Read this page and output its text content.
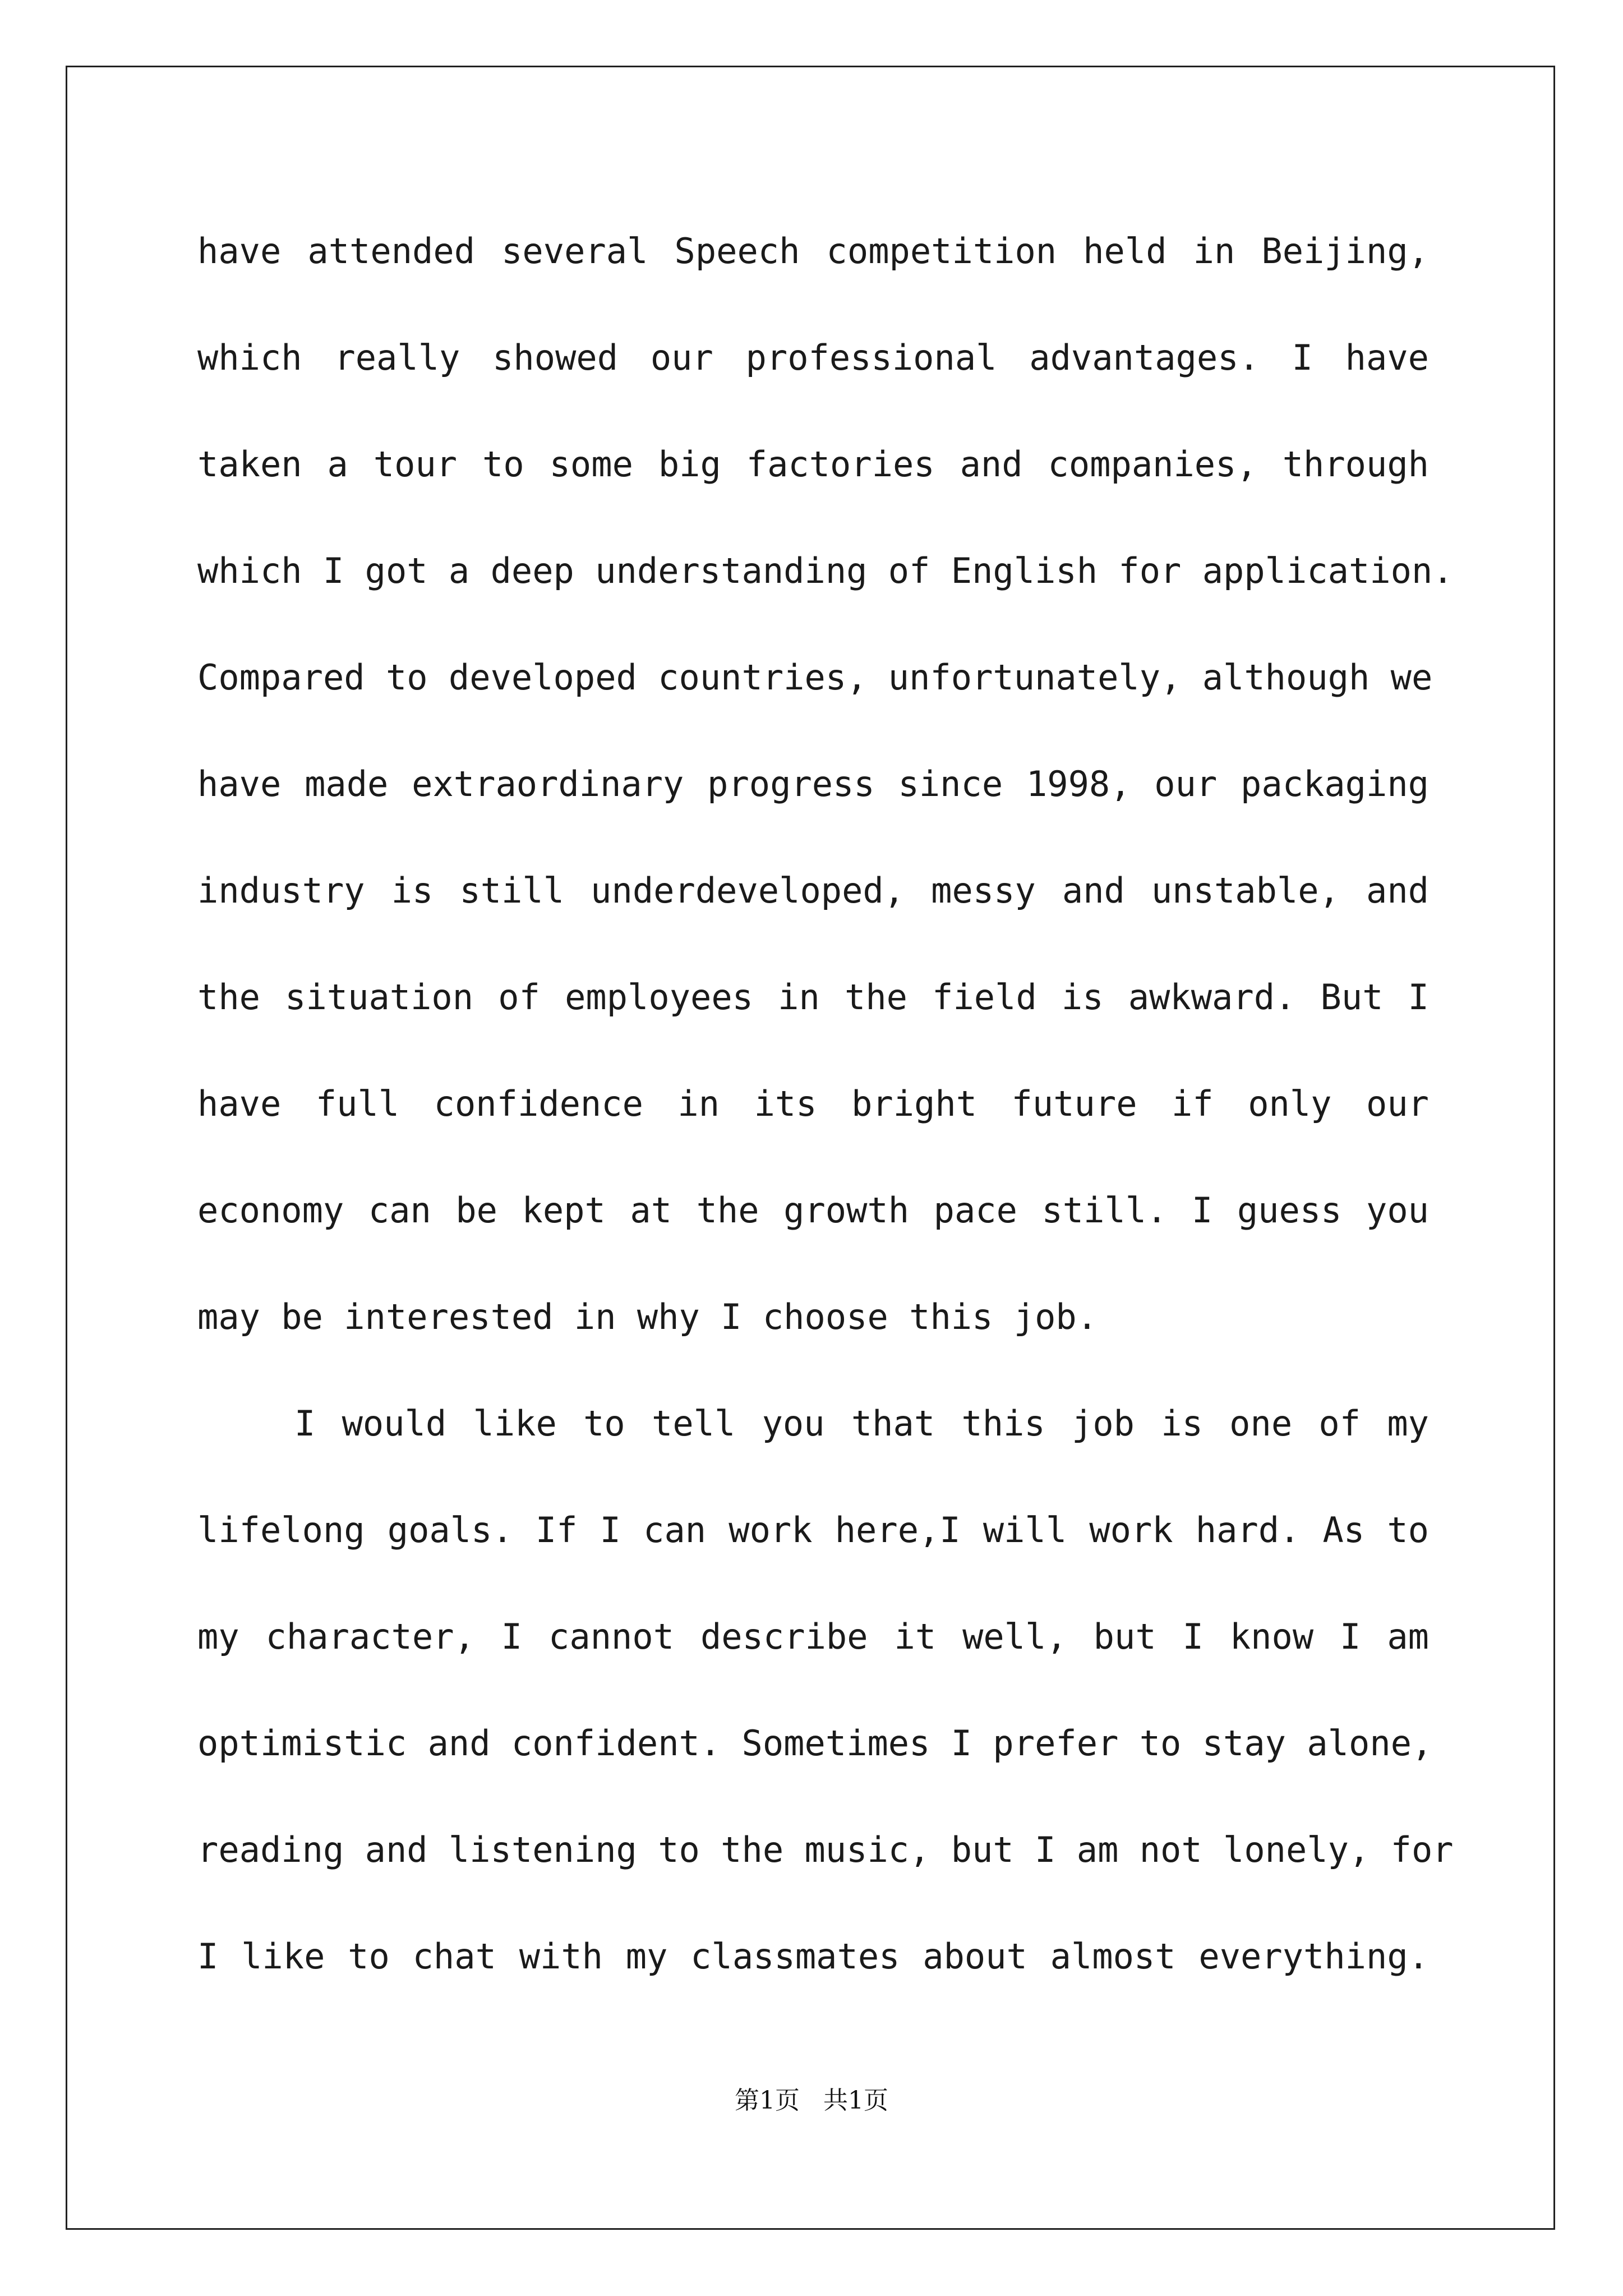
have attended several Speech competition held in Beijing,
which really showed our professional advantages. I have
taken a tour to some big factories and companies, through
which I got a deep understanding of English for application.
Compared to developed countries, unfortunately, although we
have made extraordinary progress since 1998, our packaging
industry is still underdeveloped, messy and unstable, and
the situation of employees in the field is awkward. But I
have full confidence in its bright future if only our
economy can be kept at the growth pace still. I guess you
may be interested in why I choose this job.
I would like to tell you that this job is one of my
lifelong goals. If I can work here,I will work hard. As to
my character, I cannot describe it well, but I know I am
optimistic and confident. Sometimes I prefer to stay alone,
reading and listening to the music, but I am not lonely, for
I like to chat with my classmates about almost everything.
第1页 共1页
